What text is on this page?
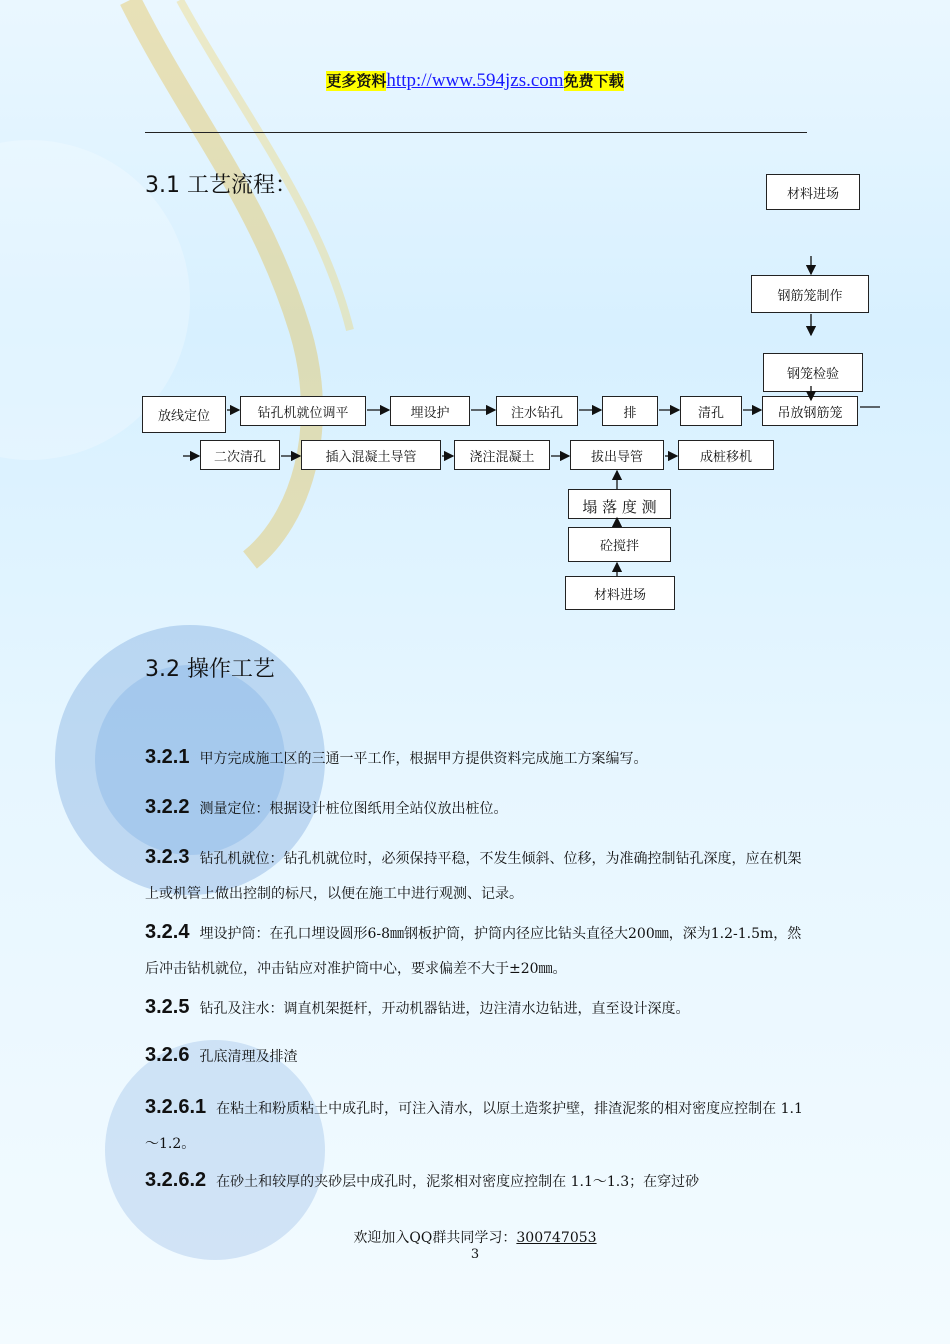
更多资料http://www.594jzs.com免费下载
3.1 工艺流程：	材料进场
钢筋笼制作
钢笼检验
放线定位	钻孔机就位调平	埋设护	注水钻孔	排	清孔	吊放钢筋笼
二次清孔	插入混凝土导管	浇注混凝土	拔出导管	成桩移机
塌 落 度 测
砼搅拌
材料进场
3.2 操作工艺
3.2.1 甲方完成施工区的三通一平工作，根据甲方提供资料完成施工方案编写。
3.2.2 测量定位：根据设计桩位图纸用全站仪放出桩位。
3.2.3 钻孔机就位：钻孔机就位时，必须保持平稳，不发生倾斜、位移，为准确控制钻孔深度，应在机架上或机管上做出控制的标尺，以便在施工中进行观测、记录。
3.2.4 埋设护筒：在孔口埋设圆形6-8㎜钢板护筒，护筒内径应比钻头直径大200㎜，深为1.2-1.5m，然后冲击钻机就位，冲击钻应对准护筒中心，要求偏差不大于±20㎜。
3.2.5 钻孔及注水：调直机架挺杆，开动机器钻进，边注清水边钻进，直至设计深度。
3.2.6 孔底清理及排渣
3.2.6.1 在粘土和粉质粘土中成孔时，可注入清水，以原土造浆护壁，排渣泥浆的相对密度应控制在 1.1～1.2。
3.2.6.2 在砂土和较厚的夹砂层中成孔时，泥浆相对密度应控制在 1.1～1.3；在穿过砂
欢迎加入QQ群共同学习：300747053
3
